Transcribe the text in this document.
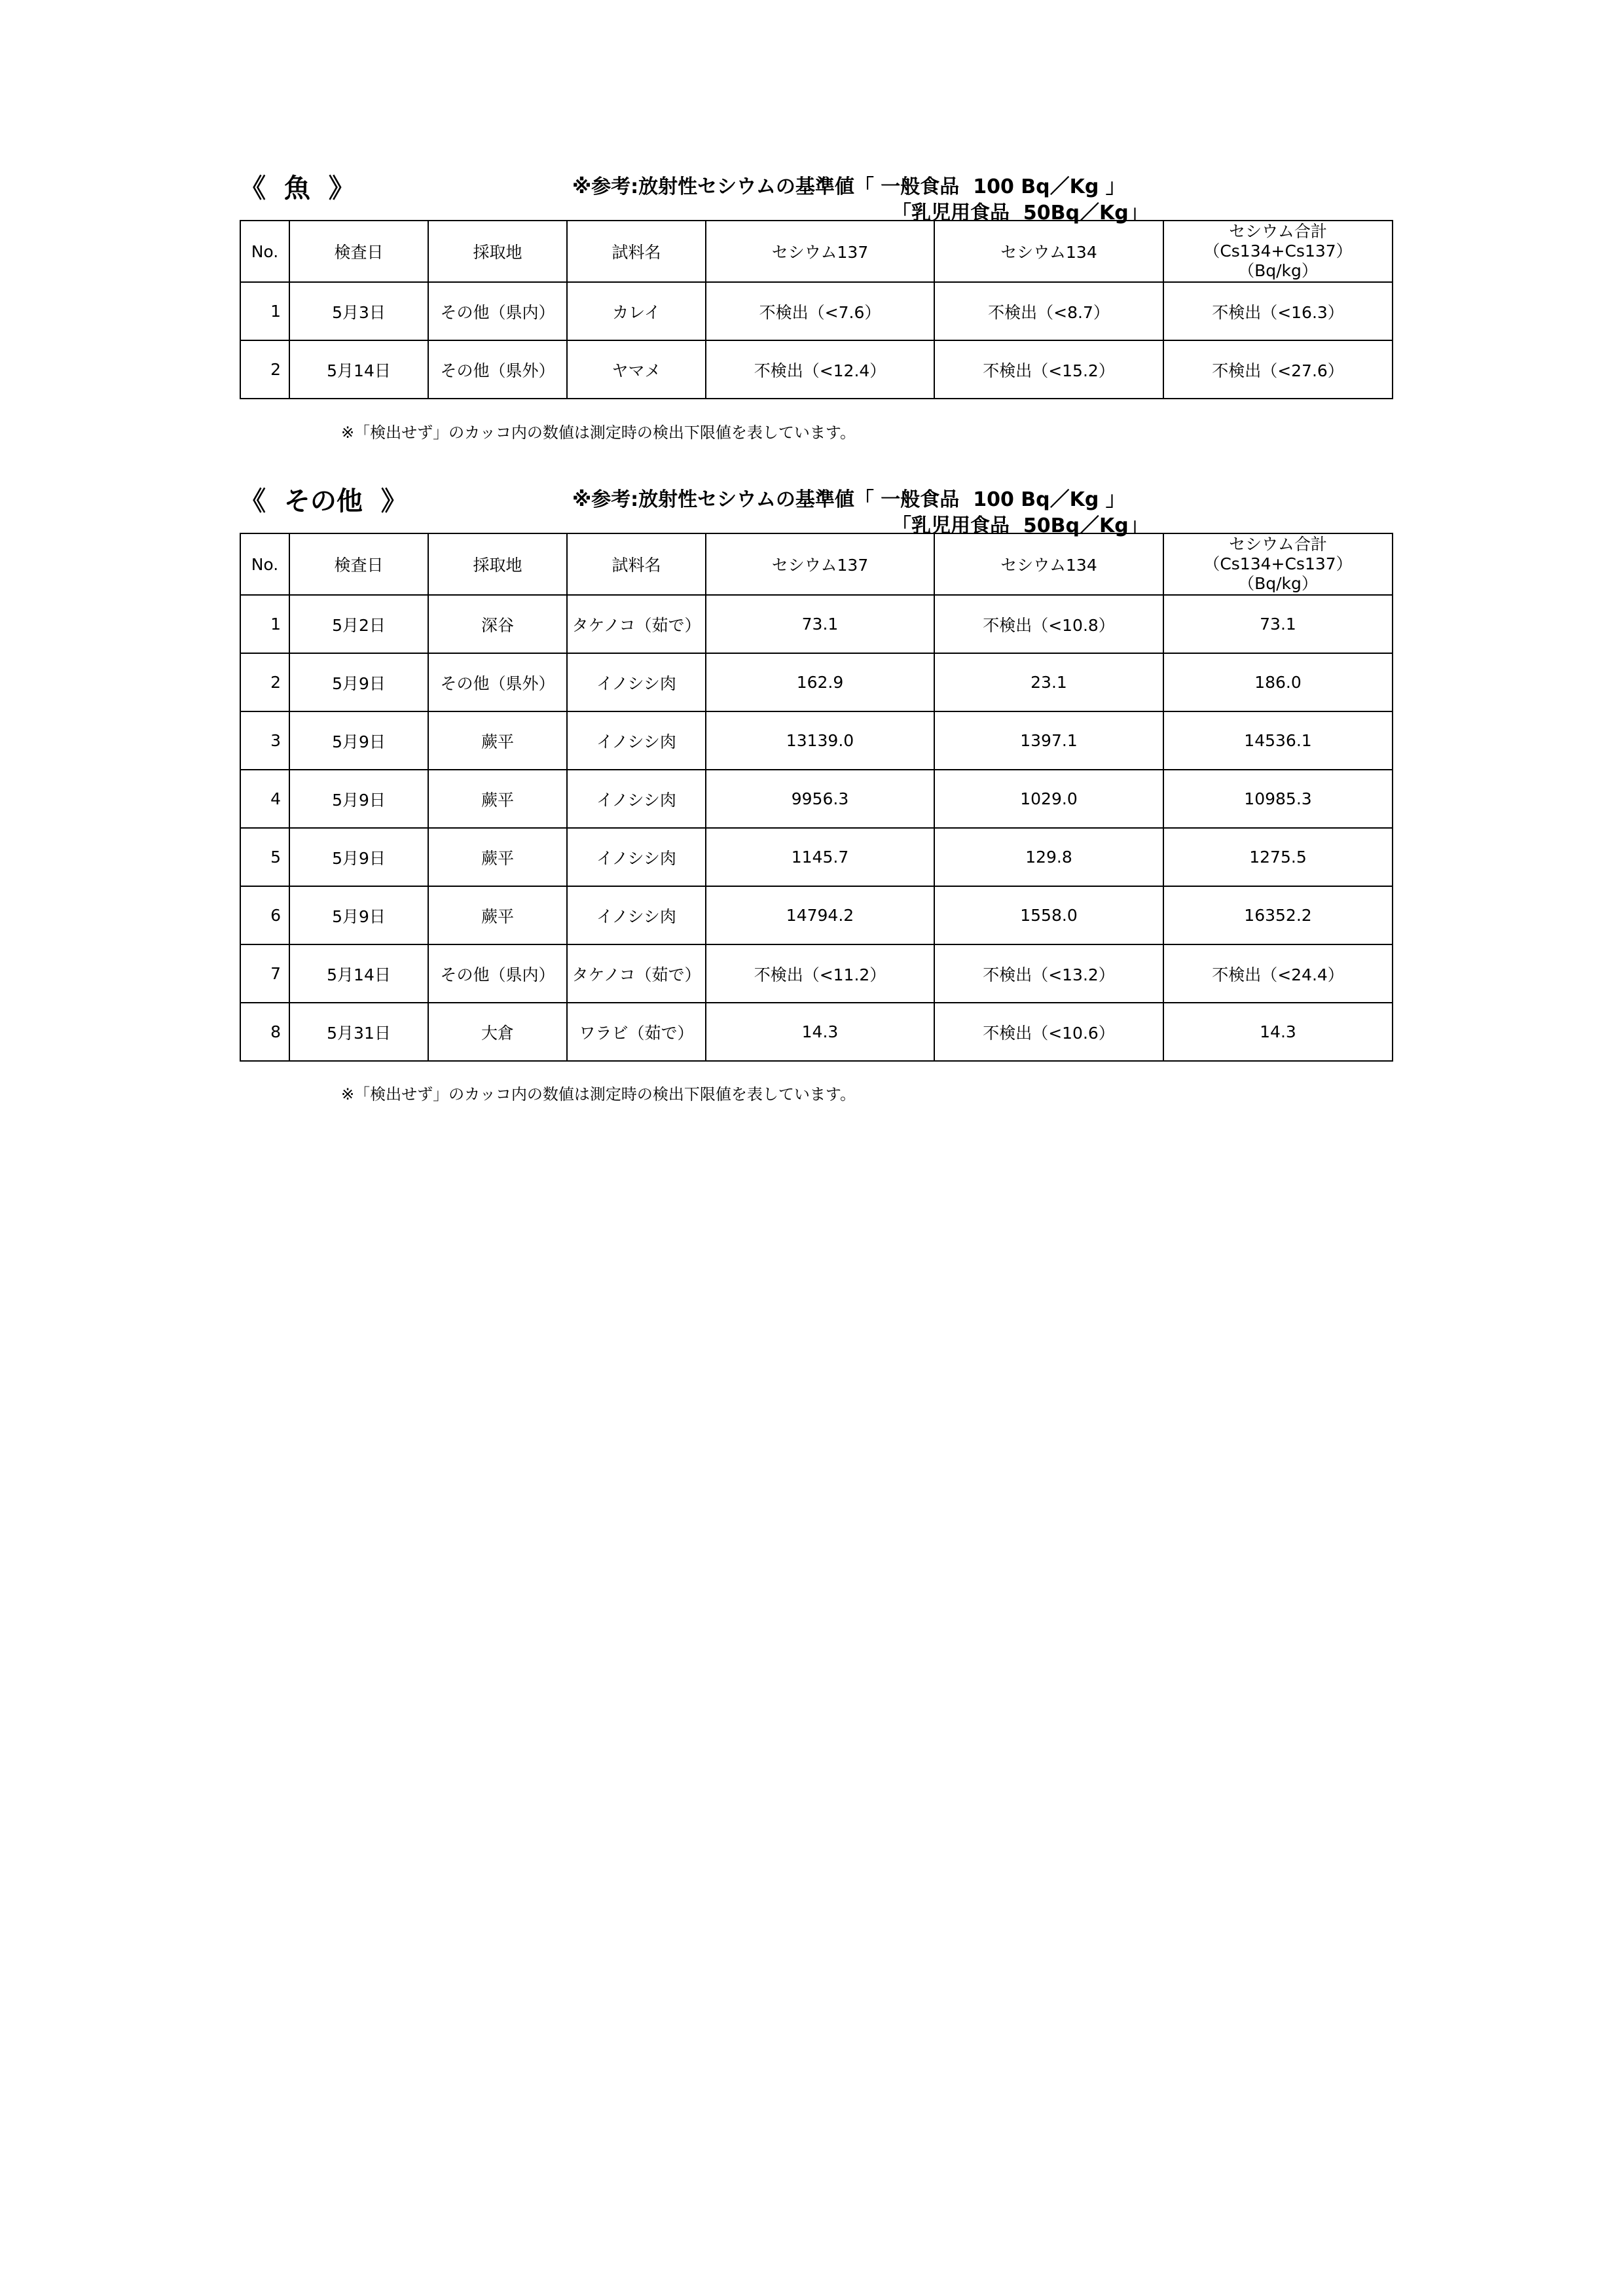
《  魚  》	※参考:放射性セシウムの基準値「 一般食品  100 Bq／Kg 」
「乳児用食品  50Bq／Kg」
No.	検査日	採取地	試料名	セシウム137	セシウム134	セシウム合計
（Cs134+Cs137）
（Bq/kg）

1	5月3日	その他（県内）	カレイ	不検出（<7.6）	不検出（<8.7）	不検出（<16.3）
2	5月14日	その他（県外）	ヤマメ	不検出（<12.4）	不検出（<15.2）	不検出（<27.6）
※「検出せず」のカッコ内の数値は測定時の検出下限値を表しています。
《  その他  》	※参考:放射性セシウムの基準値「 一般食品  100 Bq／Kg 」
「乳児用食品  50Bq／Kg」
No.	検査日	採取地	試料名	セシウム137	セシウム134	セシウム合計
（Cs134+Cs137）
（Bq/kg）

1	5月2日	深谷	タケノコ（茹で）	73.1	不検出（<10.8）	73.1
2	5月9日	その他（県外）	イノシシ肉	162.9	23.1	186.0
3	5月9日	蕨平	イノシシ肉	13139.0	1397.1	14536.1
4	5月9日	蕨平	イノシシ肉	9956.3	1029.0	10985.3
5	5月9日	蕨平	イノシシ肉	1145.7	129.8	1275.5
6	5月9日	蕨平	イノシシ肉	14794.2	1558.0	16352.2
7	5月14日	その他（県内）	タケノコ（茹で）	不検出（<11.2）	不検出（<13.2）	不検出（<24.4）
8	5月31日	大倉	ワラビ（茹で）	14.3	不検出（<10.6）	14.3
※「検出せず」のカッコ内の数値は測定時の検出下限値を表しています。
